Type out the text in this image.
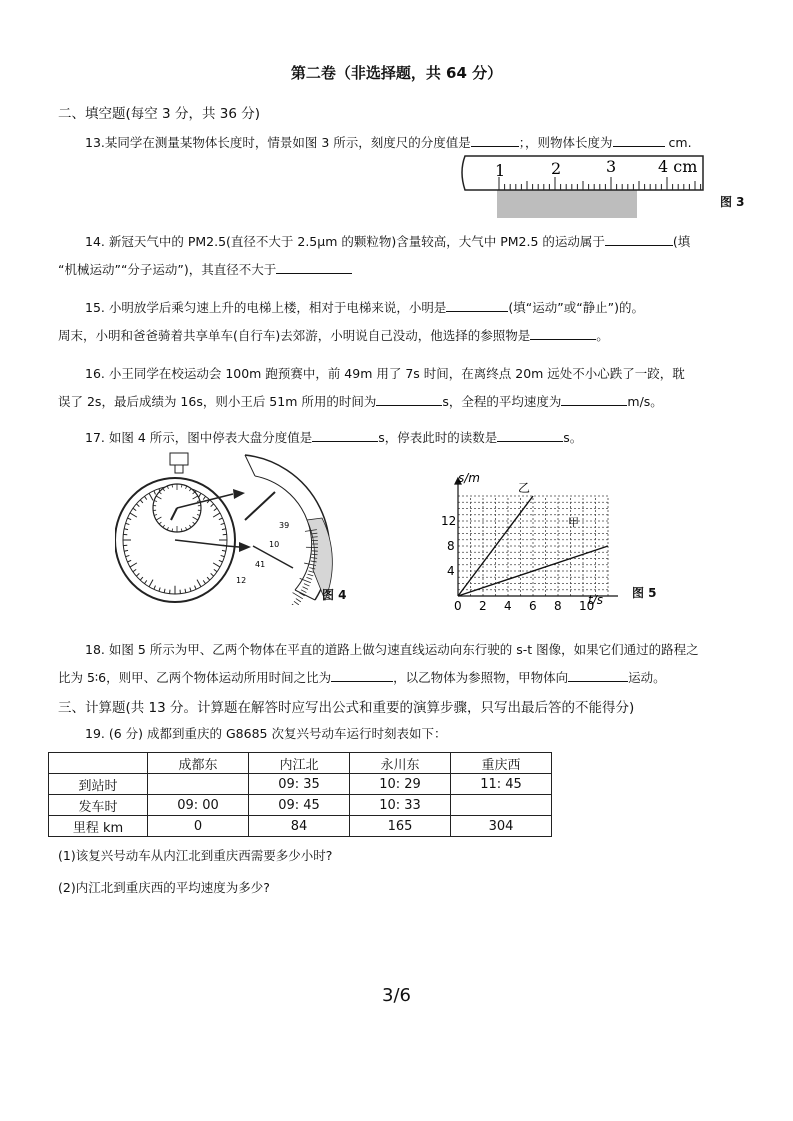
第二卷（非选择题，共 64 分）
二、填空题(每空 3 分，共 36 分)
13.某同学在测量某物体长度时，情景如图 3 所示，刻度尺的分度值是	；，则物体长度为	cm.
1	2	3	4 cm
图 3
14. 新冠天气中的 PM2.5(直径不大于 2.5μm 的颗粒物)含量较高，大气中 PM2.5 的运动属于	(填
“机械运动”“分子运动”)，其直径不大于
15. 小明放学后乘匀速上升的电梯上楼，相对于电梯来说，小明是	(填“运动”或“静止”)的。
周末，小明和爸爸骑着共享单车(自行车)去郊游，小明说自己没动，他选择的参照物是	。
16. 小王同学在校运动会 100m 跑预赛中，前 49m 用了 7s 时间，在离终点 20m 远处不小心跌了一跤，耽
误了 2s，最后成绩为 16s，则小王后 51m 所用的时间为	s，全程的平均速度为	m/s。
17. 如图 4 所示，图中停表大盘分度值是	s，停表此时的读数是	s。
39
10
41
12
图 4
0 2 4 6 8 10
4
8
12
s/m
t/s
乙
甲
图 5
18. 如图 5 所示为甲、乙两个物体在平直的道路上做匀速直线运动向东行驶的 s-t 图像，如果它们通过的路程之
比为 5∶6，则甲、乙两个物体运动所用时间之比为	，以乙物体为参照物，甲物体向	运动。
三、计算题(共 13 分。计算题在解答时应写出公式和重要的演算步骤，只写出最后答的不能得分)
19. (6 分) 成都到重庆的 G8685 次复兴号动车运行时刻表如下：
	成都东	内江北	永川东	重庆西
到站时		09: 35	10: 29	11: 45
发车时	09: 00	09: 45	10: 33	
里程 km	0	84	165	304
(1)该复兴号动车从内江北到重庆西需要多少小时?
(2)内江北到重庆西的平均速度为多少?
3/6
